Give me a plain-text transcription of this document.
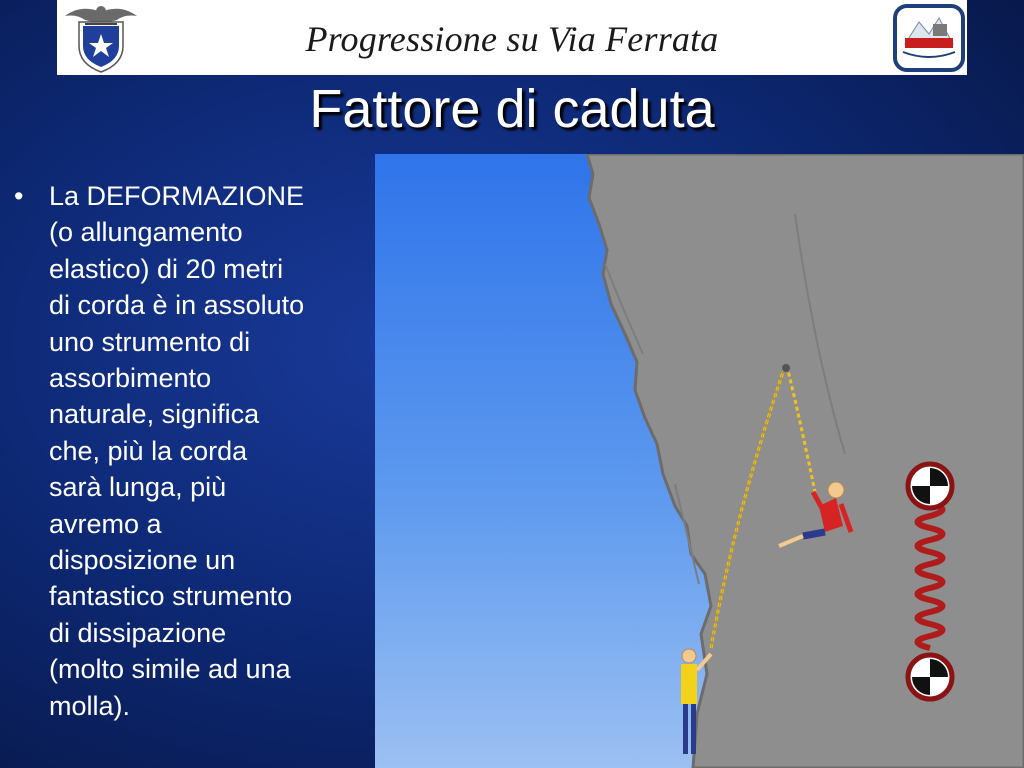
Progressione su Via Ferrata
Fattore di caduta
• La DEFORMAZIONE
(o allungamento
elastico) di 20 metri
di corda è in assoluto
uno strumento di
assorbimento
naturale, significa
che, più la corda
sarà lunga, più
avremo a
disposizione un
fantastico strumento
di dissipazione
(molto simile ad una
molla).
